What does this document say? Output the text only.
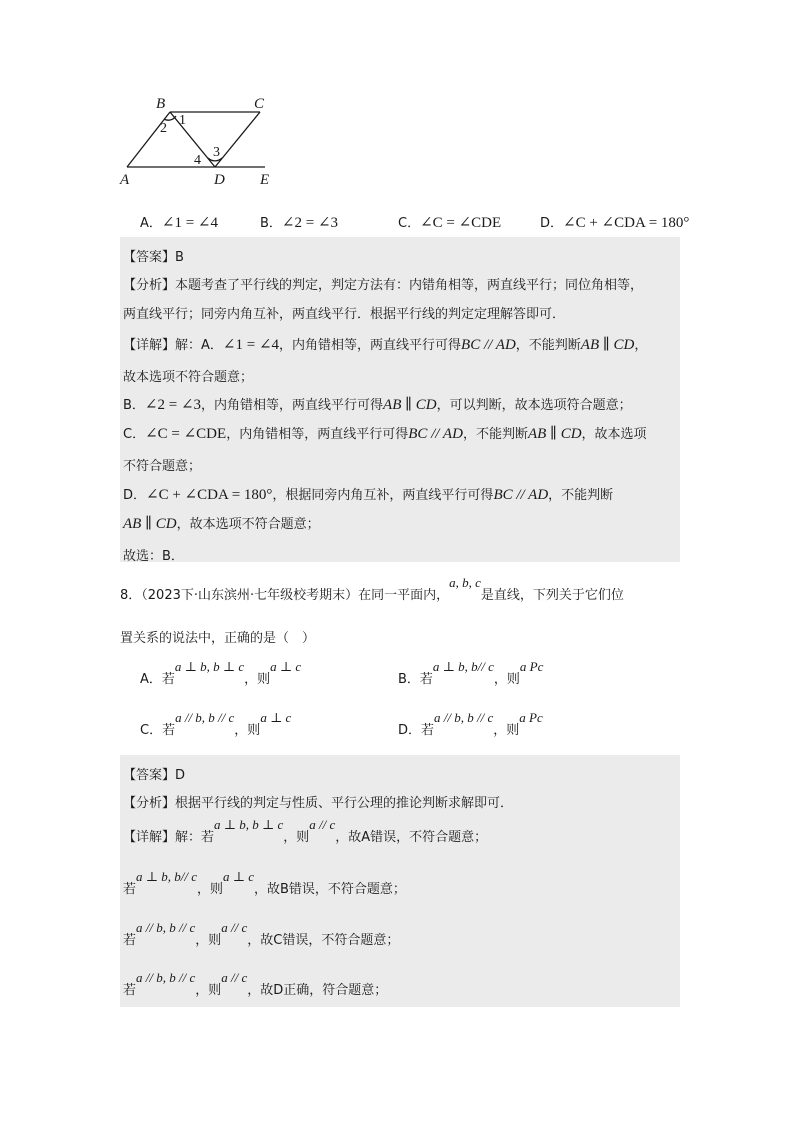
B	C
A	D E
1
2
3
4
A．∠1 = ∠4	B．∠2 = ∠3	C．∠C = ∠CDE	D．∠C + ∠CDA = 180°
【答案】B
【分析】本题考查了平行线的判定，判定方法有：内错角相等，两直线平行；同位角相等，
两直线平行；同旁内角互补，两直线平行．根据平行线的判定定理解答即可．
【详解】解：A．∠1 = ∠4，内角错相等，两直线平行可得BC // AD，不能判断AB ∥ CD，
故本选项不符合题意；
B．∠2 = ∠3，内角错相等，两直线平行可得AB ∥ CD，可以判断，故本选项符合题意；
C．∠C = ∠CDE，内角错相等，两直线平行可得BC // AD，不能判断AB ∥ CD，故本选项
不符合题意；
D．∠C + ∠CDA = 180°，根据同旁内角互补，两直线平行可得BC // AD，不能判断
AB ∥ CD，故本选项不符合题意；
故选：B．
8．（2023下·山东滨州·七年级校考期末）在同一平面内，a, b, c是直线，下列关于它们位
置关系的说法中，正确的是（　）
A．若a ⊥ b, b ⊥ c，则a ⊥ c
B．若a ⊥ b, b// c，则a Pc
C．若a // b, b // c，则a ⊥ c
D．若a // b, b // c，则a Pc
【答案】D
【分析】根据平行线的判定与性质、平行公理的推论判断求解即可．
【详解】解：若a ⊥ b, b ⊥ c，则a // c，故A错误，不符合题意；
若a ⊥ b, b// c，则a ⊥ c，故B错误，不符合题意；
若a // b, b // c，则a // c，故C错误，不符合题意；
若a // b, b // c，则a // c，故D正确，符合题意；
